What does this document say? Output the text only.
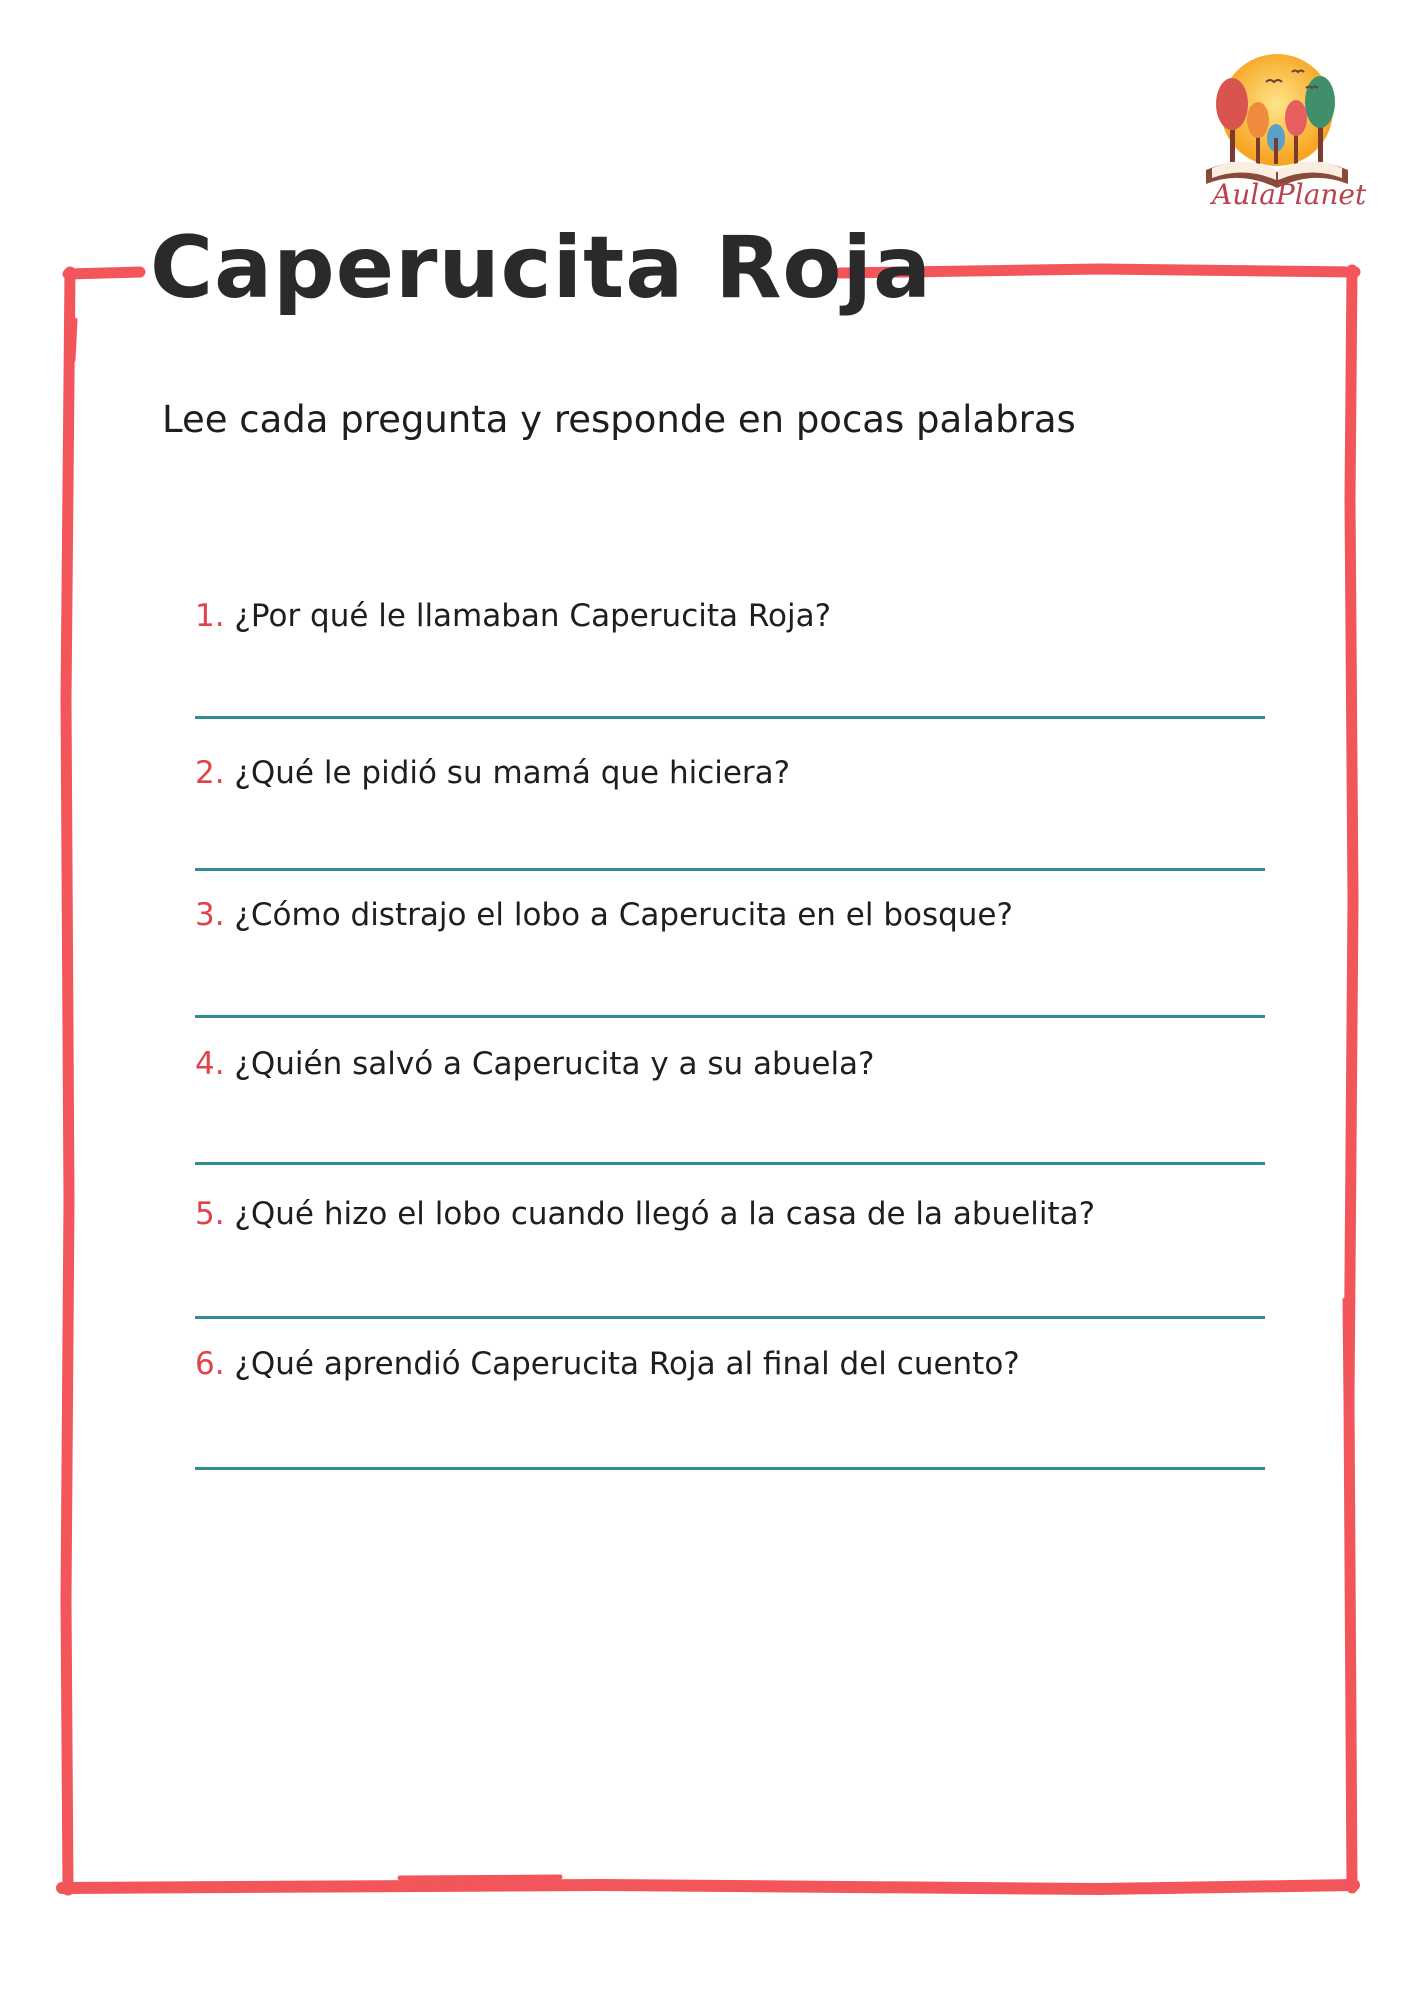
AulaPlanet
Caperucita Roja
Lee cada pregunta y responde en pocas palabras
1. ¿Por qué le llamaban Caperucita Roja?
2. ¿Qué le pidió su mamá que hiciera?
3. ¿Cómo distrajo el lobo a Caperucita en el bosque?
4. ¿Quién salvó a Caperucita y a su abuela?
5. ¿Qué hizo el lobo cuando llegó a la casa de la abuelita?
6. ¿Qué aprendió Caperucita Roja al final del cuento?
